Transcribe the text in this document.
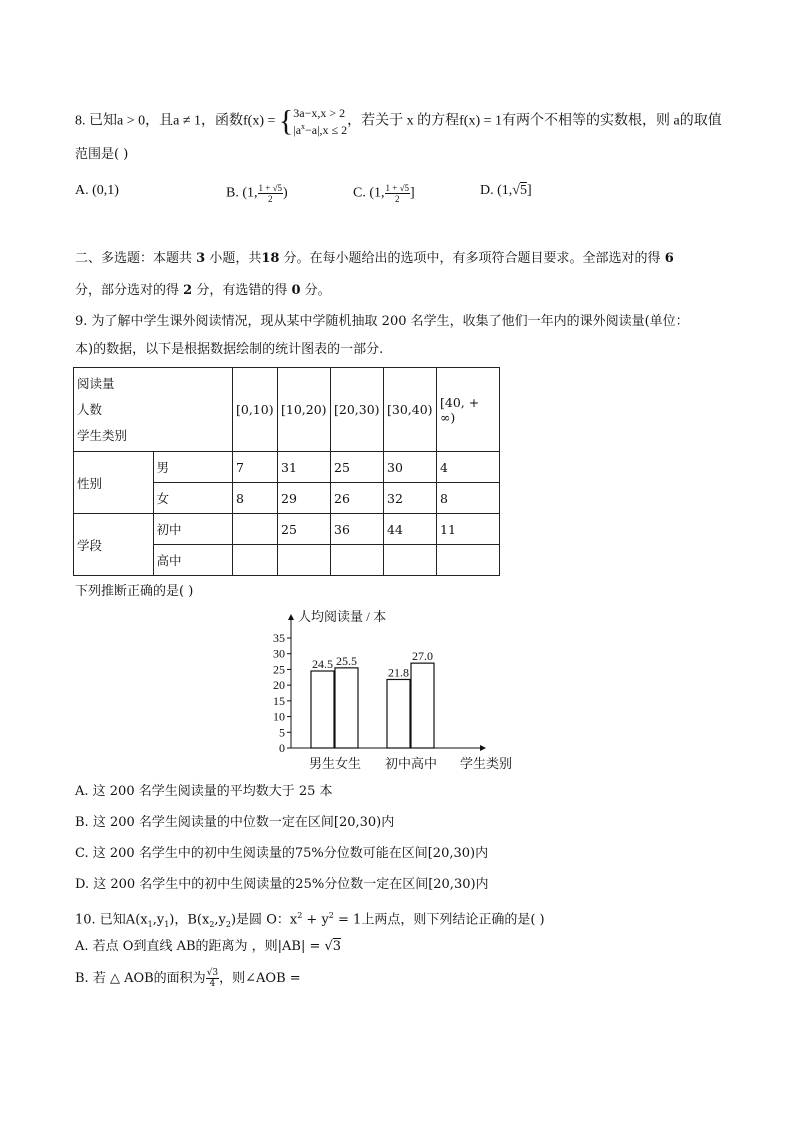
8. 已知a > 0，且a ≠ 1，函数f(x) = { 3a−x,x > 2
$|a^x-a|,x \le 2$
，若关于 x 的方程f(x) = 1有两个不相等的实数根，则 a的取值
范围是( )
A. (0,1)	B. (1, $\frac{1 + √5}{2}$ )	C. (1, $\frac{1 + √5}{2}$ ]	D. (1,√5]
二、多选题：本题共 3 小题，共18 分。在每小题给出的选项中，有多项符合题目要求。全部选对的得 6
分，部分选对的得 2 分，有选错的得 0 分。
9. 为了解中学生课外阅读情况，现从某中学随机抽取 200 名学生，收集了他们一年内的课外阅读量(单位：
本)的数据，以下是根据数据绘制的统计图表的一部分.
阅读量
人数
学生类别		[0,10)	[10,20)	[20,30)	[30,40)	[40, + ∞)
性别	男	7	31	25	30	4
	女	8	29	26	32	8
学段	初中		25	36	44	11
	高中					
下列推断正确的是( )
0
5
10
15
20
25
30
35
人均阅读量 / 本
学生类别
24.5 25.5
21.8
27.0
男生女生 初中高中
A. 这 200 名学生阅读量的平均数大于 25 本
B. 这 200 名学生阅读量的中位数一定在区间[20,30)内
C. 这 200 名学生中的初中生阅读量的75%分位数可能在区间[20,30)内
D. 这 200 名学生中的初中生阅读量的25%分位数一定在区间[20,30)内
10. 已知$A(x_1,y_1)$，$B(x_2,y_2)$是圆 O：$x^2 + y^2 = 1$上两点，则下列结论正确的是( )
A. 若点 O到直线 AB的距离为 ，则|AB| = √3
B. 若 △ AOB的面积为 $\frac{√3}{4}$ ，则∠AOB =
